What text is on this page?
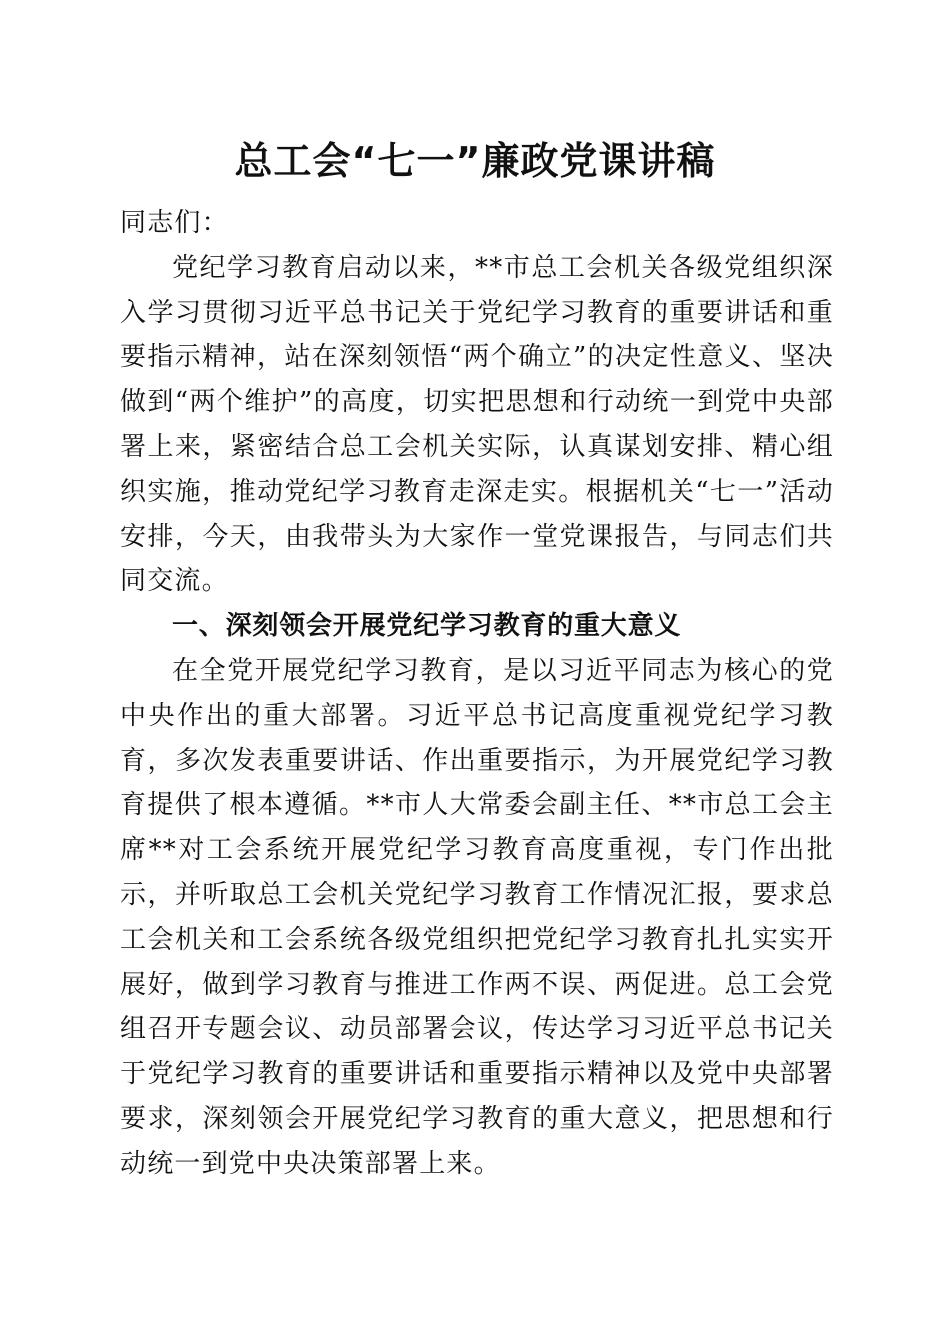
总工会“七一”廉政党课讲稿

同志们：

党纪学习教育启动以来，**市总工会机关各级党组织深入学习贯彻习近平总书记关于党纪学习教育的重要讲话和重要指示精神，站在深刻领悟“两个确立”的决定性意义、坚决做到“两个维护”的高度，切实把思想和行动统一到党中央部署上来，紧密结合总工会机关实际，认真谋划安排、精心组织实施，推动党纪学习教育走深走实。根据机关“七一”活动安排，今天，由我带头为大家作一堂党课报告，与同志们共同交流。

一、深刻领会开展党纪学习教育的重大意义

在全党开展党纪学习教育，是以习近平同志为核心的党中央作出的重大部署。习近平总书记高度重视党纪学习教育，多次发表重要讲话、作出重要指示，为开展党纪学习教育提供了根本遵循。**市人大常委会副主任、**市总工会主席**对工会系统开展党纪学习教育高度重视，专门作出批示，并听取总工会机关党纪学习教育工作情况汇报，要求总工会机关和工会系统各级党组织把党纪学习教育扎扎实实开展好，做到学习教育与推进工作两不误、两促进。总工会党组召开专题会议、动员部署会议，传达学习习近平总书记关于党纪学习教育的重要讲话和重要指示精神以及党中央部署要求，深刻领会开展党纪学习教育的重大意义，把思想和行动统一到党中央决策部署上来。
